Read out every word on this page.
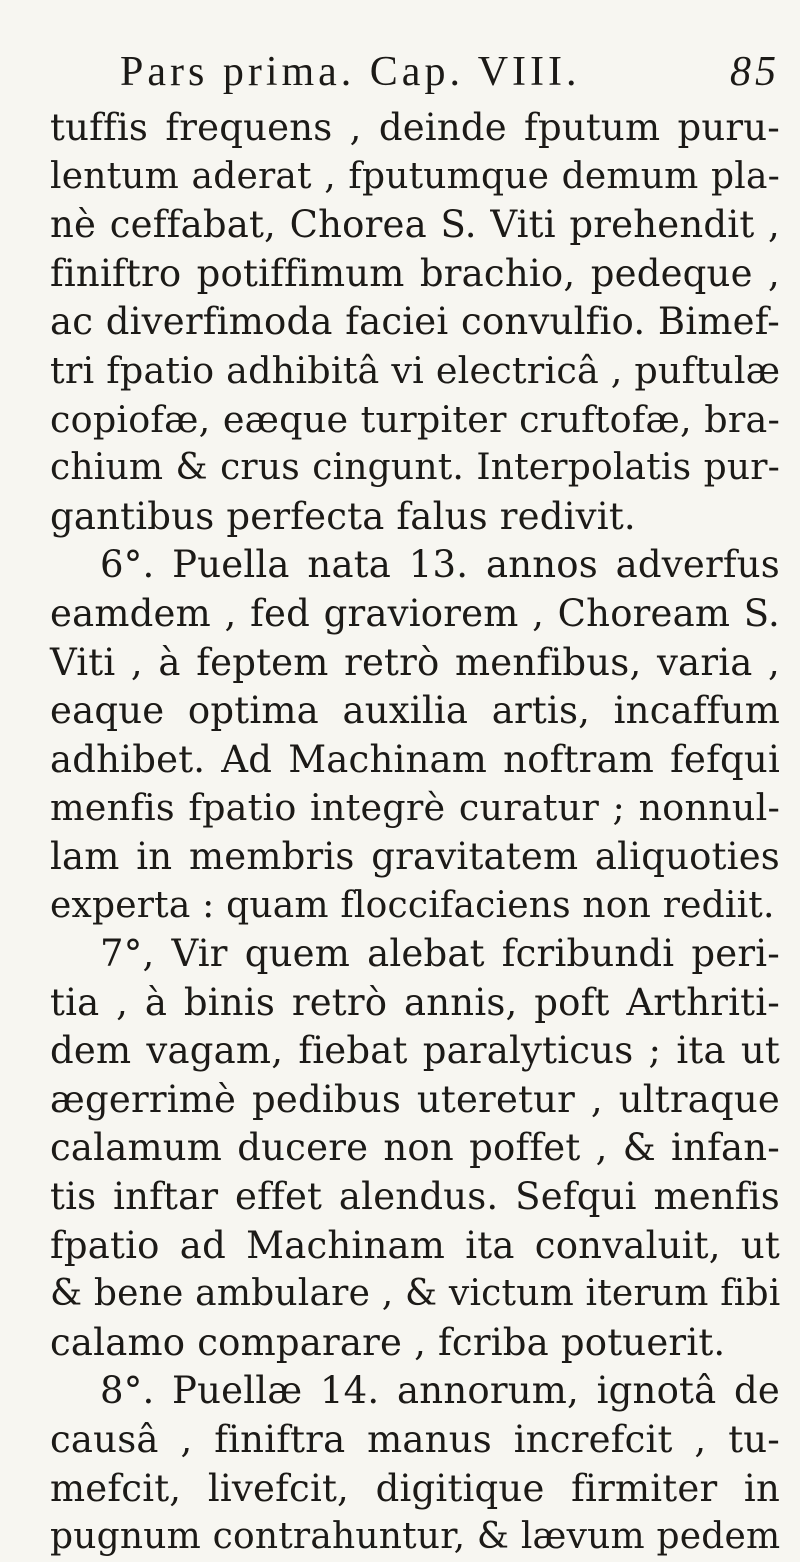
Pars prima. Cap. VIII.	85
tuffis frequens , deinde fputum puru-
lentum aderat , fputumque demum pla-
nè ceffabat, Chorea S. Viti prehendit ,
finiftro potiffimum brachio, pedeque ,
ac diverfimoda faciei convulfio. Bimef-
tri fpatio adhibitâ vi electricâ , puftulæ
copiofæ, eæque turpiter cruftofæ, bra-
chium & crus cingunt. Interpolatis pur-
gantibus perfecta falus redivit.
6°. Puella nata 13. annos adverfus
eamdem , fed graviorem , Choream S.
Viti , à feptem retrò menfibus, varia ,
eaque optima auxilia artis, incaffum
adhibet. Ad Machinam noftram fefqui
menfis fpatio integrè curatur ; nonnul-
lam in membris gravitatem aliquoties
experta : quam floccifaciens non rediit.
7°, Vir quem alebat fcribundi peri-
tia , à binis retrò annis, poft Arthriti-
dem vagam, fiebat paralyticus ; ita ut
ægerrimè pedibus uteretur , ultraque
calamum ducere non poffet , & infan-
tis inftar effet alendus. Sefqui menfis
fpatio ad Machinam ita convaluit, ut
& bene ambulare , & victum iterum fibi
calamo comparare , fcriba potuerit.
8°. Puellæ 14. annorum, ignotâ de
causâ , finiftra manus increfcit , tu-
mefcit, livefcit, digitique firmiter in
pugnum contrahuntur, & lævum pedem
